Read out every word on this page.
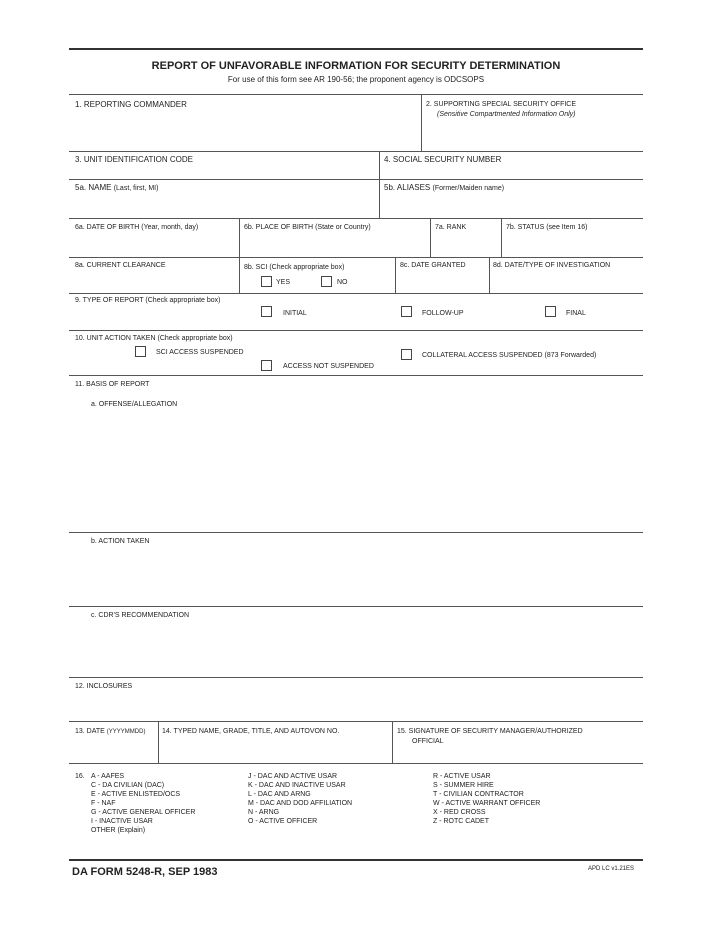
REPORT OF UNFAVORABLE INFORMATION FOR SECURITY DETERMINATION
For use of this form see AR 190-56; the proponent agency is ODCSOPS
1. REPORTING COMMANDER	2. SUPPORTING SPECIAL SECURITY OFFICE
(Sensitive Compartmented Information Only)
3. UNIT IDENTIFICATION CODE	4. SOCIAL SECURITY NUMBER
5a. NAME (Last, first, MI)	5b. ALIASES (Former/Maiden name)
6a. DATE OF BIRTH (Year, month, day)	6b. PLACE OF BIRTH (State or Country)	7a. RANK	7b. STATUS (see Item 16)
8a. CURRENT CLEARANCE	8b. SCI (Check appropriate box)
YES	NO
8c. DATE GRANTED	8d. DATE/TYPE OF INVESTIGATION
9. TYPE OF REPORT (Check appropriate box)
INITIAL	FOLLOW-UP	FINAL
10. UNIT ACTION TAKEN (Check appropriate box)
SCI ACCESS SUSPENDED	COLLATERAL ACCESS SUSPENDED (873 Forwarded)
ACCESS NOT SUSPENDED
11. BASIS OF REPORT
a. OFFENSE/ALLEGATION
b. ACTION TAKEN
c. CDR'S RECOMMENDATION
12. INCLOSURES
13. DATE (YYYYMMDD) 14. TYPED NAME, GRADE, TITLE, AND AUTOVON NO.	15. SIGNATURE OF SECURITY MANAGER/AUTHORIZED
OFFICIAL
16. A - AAFES
C - DA CIVILIAN (DAC)
E - ACTIVE ENLISTED/OCS
F - NAF
G - ACTIVE GENERAL OFFICER
I - INACTIVE USAR
OTHER (Explain)
J - DAC AND ACTIVE USAR
K - DAC AND INACTIVE USAR
L - DAC AND ARNG
M - DAC AND DOD AFFILIATION
N - ARNG
O - ACTIVE OFFICER
R - ACTIVE USAR
S - SUMMER HIRE
T - CIVILIAN CONTRACTOR
W - ACTIVE WARRANT OFFICER
X - RED CROSS
Z - ROTC CADET
DA FORM 5248-R, SEP 1983	APD LC v1.21ES
